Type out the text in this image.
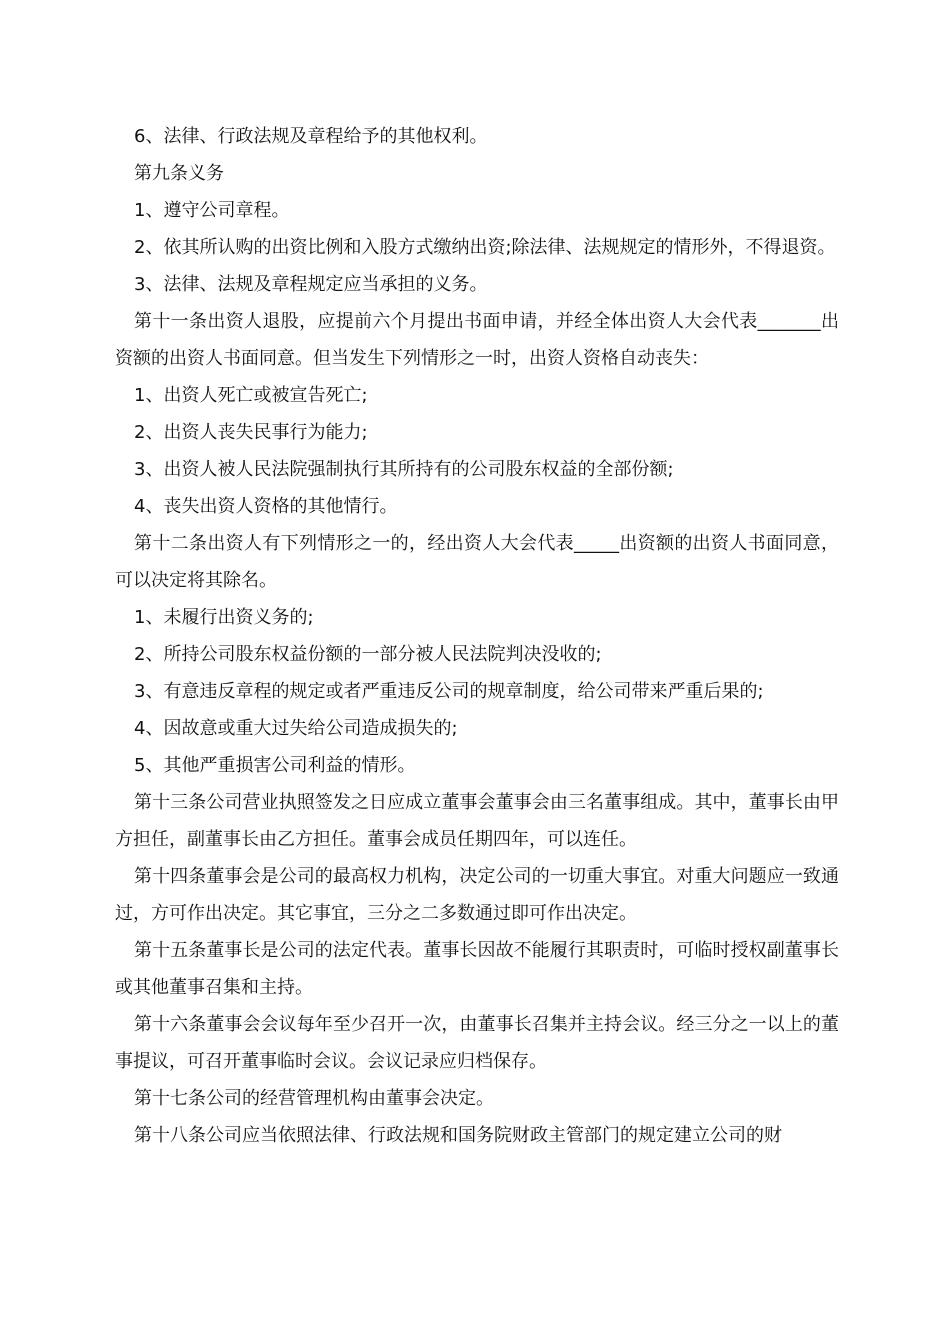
6、法律、行政法规及章程给予的其他权利。

第九条义务

1、遵守公司章程。

2、依其所认购的出资比例和入股方式缴纳出资;除法律、法规规定的情形外，不得退资。

3、法律、法规及章程规定应当承担的义务。

第十一条出资人退股，应提前六个月提出书面申请，并经全体出资人大会代表_______出资额的出资人书面同意。但当发生下列情形之一时，出资人资格自动丧失：

1、出资人死亡或被宣告死亡;

2、出资人丧失民事行为能力;

3、出资人被人民法院强制执行其所持有的公司股东权益的全部份额;

4、丧失出资人资格的其他情行。

第十二条出资人有下列情形之一的，经出资人大会代表_____出资额的出资人书面同意，可以决定将其除名。

1、未履行出资义务的;

2、所持公司股东权益份额的一部分被人民法院判决没收的;

3、有意违反章程的规定或者严重违反公司的规章制度，给公司带来严重后果的;

4、因故意或重大过失给公司造成损失的;

5、其他严重损害公司利益的情形。

第十三条公司营业执照签发之日应成立董事会董事会由三名董事组成。其中，董事长由甲方担任，副董事长由乙方担任。董事会成员任期四年，可以连任。

第十四条董事会是公司的最高权力机构，决定公司的一切重大事宜。对重大问题应一致通过，方可作出决定。其它事宜，三分之二多数通过即可作出决定。

第十五条董事长是公司的法定代表。董事长因故不能履行其职责时，可临时授权副董事长或其他董事召集和主持。

第十六条董事会会议每年至少召开一次，由董事长召集并主持会议。经三分之一以上的董事提议，可召开董事临时会议。会议记录应归档保存。

第十七条公司的经营管理机构由董事会决定。

第十八条公司应当依照法律、行政法规和国务院财政主管部门的规定建立公司的财
